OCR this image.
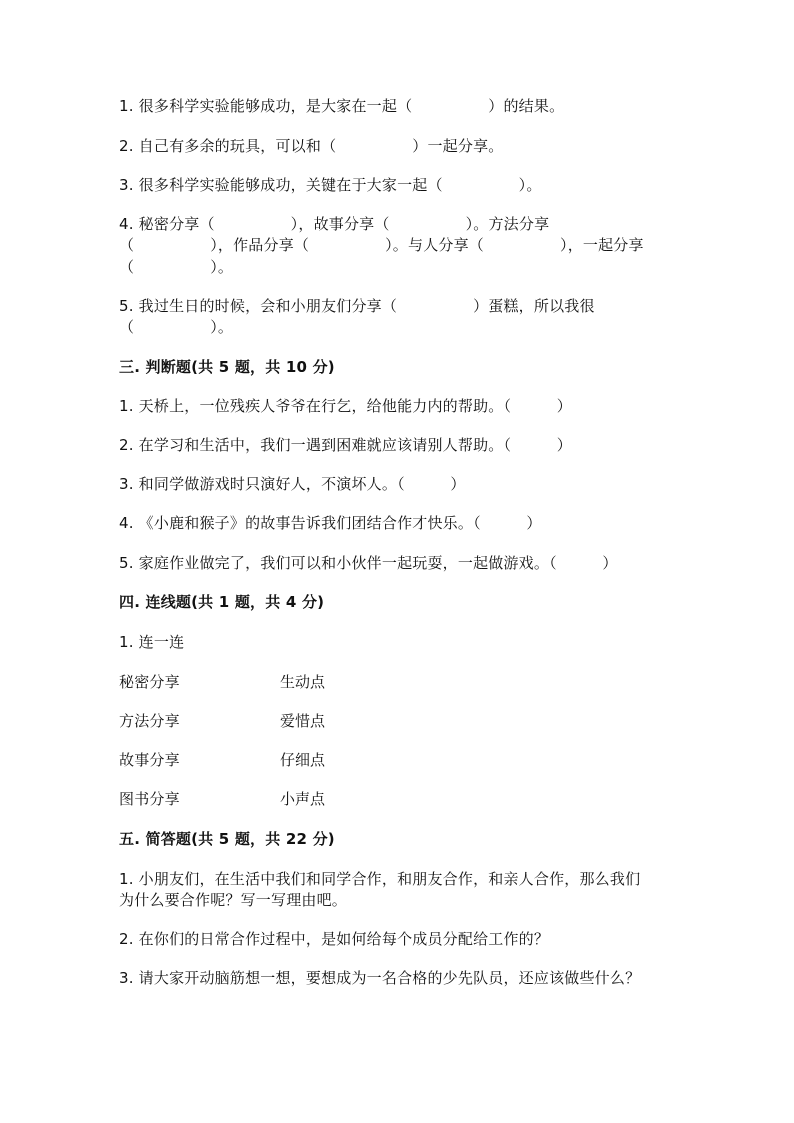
1. 很多科学实验能够成功，是大家在一起（　　　　　）的结果。
2. 自己有多余的玩具，可以和（　　　　　）一起分享。
3. 很多科学实验能够成功，关键在于大家一起（　　　　　）。
4. 秘密分享（　　　　　），故事分享（　　　　　）。方法分享
（　　　　　），作品分享（　　　　　）。与人分享（　　　　　），一起分享
（　　　　　）。
5. 我过生日的时候，会和小朋友们分享（　　　　　）蛋糕，所以我很
（　　　　　）。
三. 判断题(共 5 题，共 10 分)
1. 天桥上，一位残疾人爷爷在行乞，给他能力内的帮助。（　　　）
2. 在学习和生活中，我们一遇到困难就应该请别人帮助。（　　　）
3. 和同学做游戏时只演好人，不演坏人。（　　　）
4. 《小鹿和猴子》的故事告诉我们团结合作才快乐。（　　　）
5. 家庭作业做完了，我们可以和小伙伴一起玩耍，一起做游戏。（　　　）
四. 连线题(共 1 题，共 4 分)
1. 连一连
秘密分享	生动点
方法分享	爱惜点
故事分享	仔细点
图书分享	小声点
五. 简答题(共 5 题，共 22 分)
1. 小朋友们，在生活中我们和同学合作，和朋友合作，和亲人合作，那么我们
为什么要合作呢？写一写理由吧。
2. 在你们的日常合作过程中，是如何给每个成员分配给工作的？
3. 请大家开动脑筋想一想，要想成为一名合格的少先队员，还应该做些什么？
